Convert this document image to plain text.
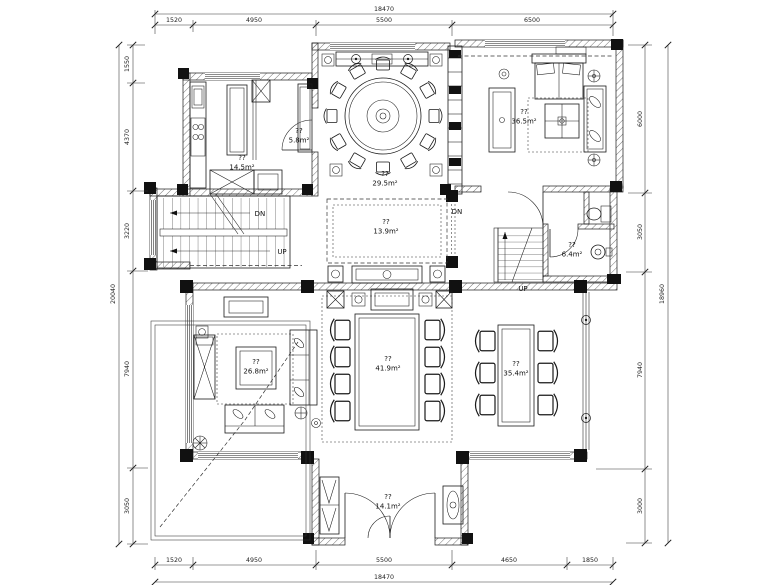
DN
UP
UP
DN
?? 14.5m²
?? 5.8m²
?? 29.5m²
?? 36.5m²
?? 13.9m²
?? 6.4m²
?? 26.8m²
?? 41.9m²
?? 35.4m²
?? 14.1m²
18470
1520	4950	5500	6500
1520	4950	5500	4650	1850
18470
1550
4370
3220
7940
3050
20040
6000
3050
7940
3000
18960
